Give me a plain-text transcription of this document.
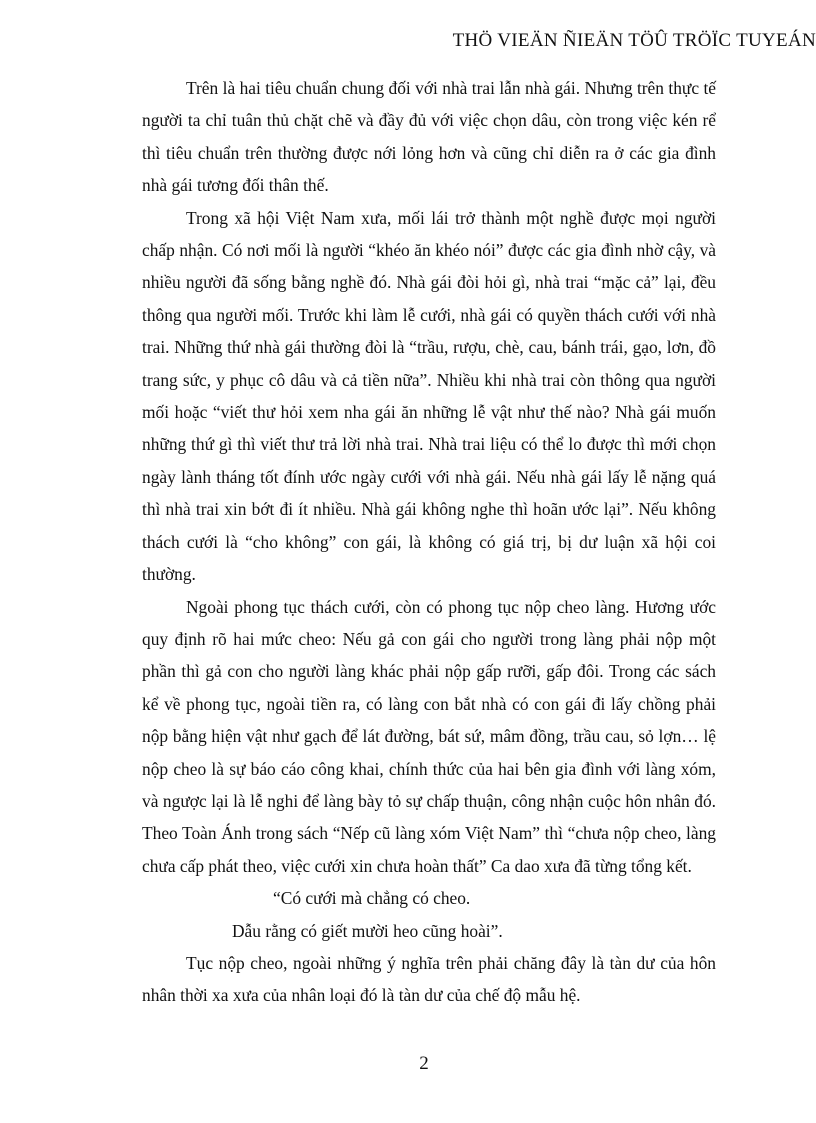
THÖ VIEÄN ÑIEÄN TÖÛ TRÖÏC TUYEÁN

Trên là hai tiêu chuẩn chung đối với nhà trai lẫn nhà gái. Nhưng trên thực tế người ta chỉ tuân thủ chặt chẽ và đầy đủ với việc chọn dâu, còn trong việc kén rể thì tiêu chuẩn trên thường được nới lỏng hơn và cũng chỉ diễn ra ở các gia đình nhà gái tương đối thân thế.

Trong xã hội Việt Nam xưa, mối lái trở thành một nghề được mọi người chấp nhận. Có nơi mối là người “khéo ăn khéo nói” được các gia đình nhờ cậy, và nhiều người đã sống bằng nghề đó. Nhà gái đòi hỏi gì, nhà trai “mặc cả” lại, đều thông qua người mối. Trước khi làm lễ cưới, nhà gái có quyền thách cưới với nhà trai. Những thứ nhà gái thường đòi là “trầu, rượu, chè, cau, bánh trái, gạo, lơn, đồ trang sức, y phục cô dâu và cả tiền nữa”. Nhiều khi nhà trai còn thông qua người mối hoặc “viết thư hỏi xem nha gái ăn những lễ vật như thế nào? Nhà gái muốn những thứ gì thì viết thư trả lời nhà trai. Nhà trai liệu có thể lo được thì mới chọn ngày lành tháng tốt đính ước ngày cưới với nhà gái. Nếu nhà gái lấy lễ nặng quá thì nhà trai xin bớt đi ít nhiều. Nhà gái không nghe thì hoãn ước lại”. Nếu không thách cưới là “cho không” con gái, là không có giá trị, bị dư luận xã hội coi thường.

Ngoài phong tục thách cưới, còn có phong tục nộp cheo làng. Hương ước quy định rõ hai mức cheo: Nếu gả con gái cho người trong làng phải nộp một phần thì gả con cho người làng khác phải nộp gấp rưỡi, gấp đôi. Trong các sách kể về phong tục, ngoài tiền ra, có làng con bắt nhà có con gái đi lấy chồng phải nộp bằng hiện vật như gạch để lát đường, bát sứ, mâm đồng, trầu cau, sỏ lợn… lệ nộp cheo là sự báo cáo công khai, chính thức của hai bên gia đình với làng xóm, và ngược lại là lễ nghi để làng bày tỏ sự chấp thuận, công nhận cuộc hôn nhân đó. Theo Toàn Ánh trong sách “Nếp cũ làng xóm Việt Nam” thì “chưa nộp cheo, làng chưa cấp phát theo, việc cưới xin chưa hoàn thất” Ca dao xưa đã từng tổng kết.

“Có cưới mà chẳng có cheo.

Dẫu rằng có giết mười heo cũng hoài”.

Tục nộp cheo, ngoài những ý nghĩa trên phải chăng đây là tàn dư của hôn nhân thời xa xưa của nhân loại đó là tàn dư của chế độ mẫu hệ.

2
